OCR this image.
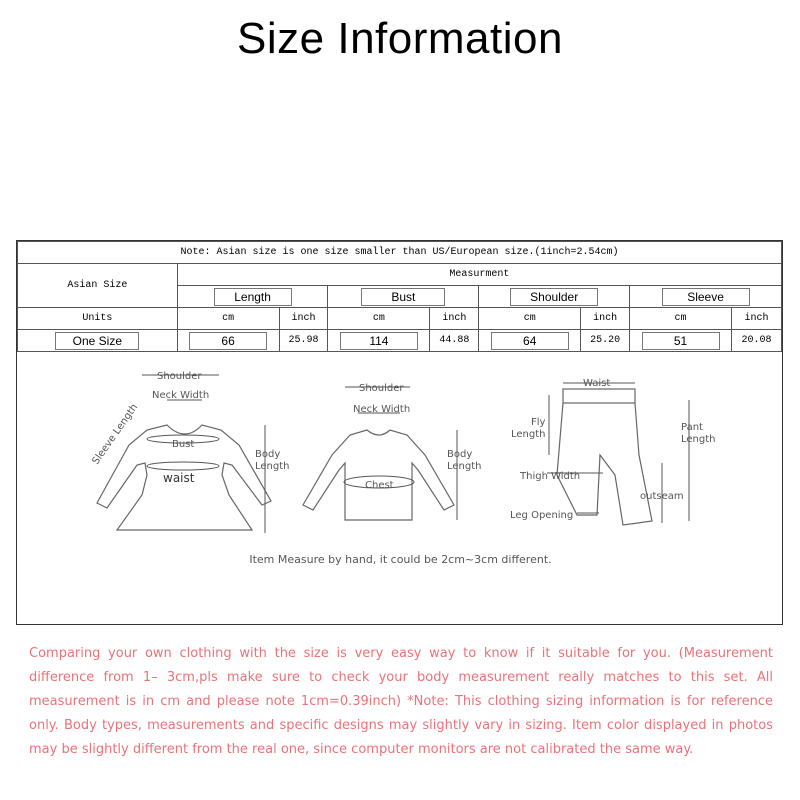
Size Information
Note: Asian size is one size smaller than US/European size.(1inch=2.54cm)								
Asian Size	Measurment							
	Length		Bust		Shoulder		Sleeve	
Units	cm	inch	cm	inch	cm	inch	cm	inch
One Size	66	25.98	114	44.88	64	25.20	51	20.08
Shoulder
Neck Width
Sleeve Length	Bust
waist
Body
Length
Shoulder
Neck Width
Chest
Body
Length
Waist
Fly
Length
Pant
Length
Thigh Width
outseam
Leg Opening
Item Measure by hand, it could be 2cm~3cm different.
Comparing your own clothing with the size is very easy way to know if it suitable for you. (Measurement difference from 1– 3cm,pls make sure to check your body measurement really matches to this set. All measurement is in cm and please note 1cm=0.39inch) *Note: This clothing sizing information is for reference only. Body types, measurements and specific designs may slightly vary in sizing. Item color displayed in photos may be slightly different from the real one, since computer monitors are not calibrated the same way.
